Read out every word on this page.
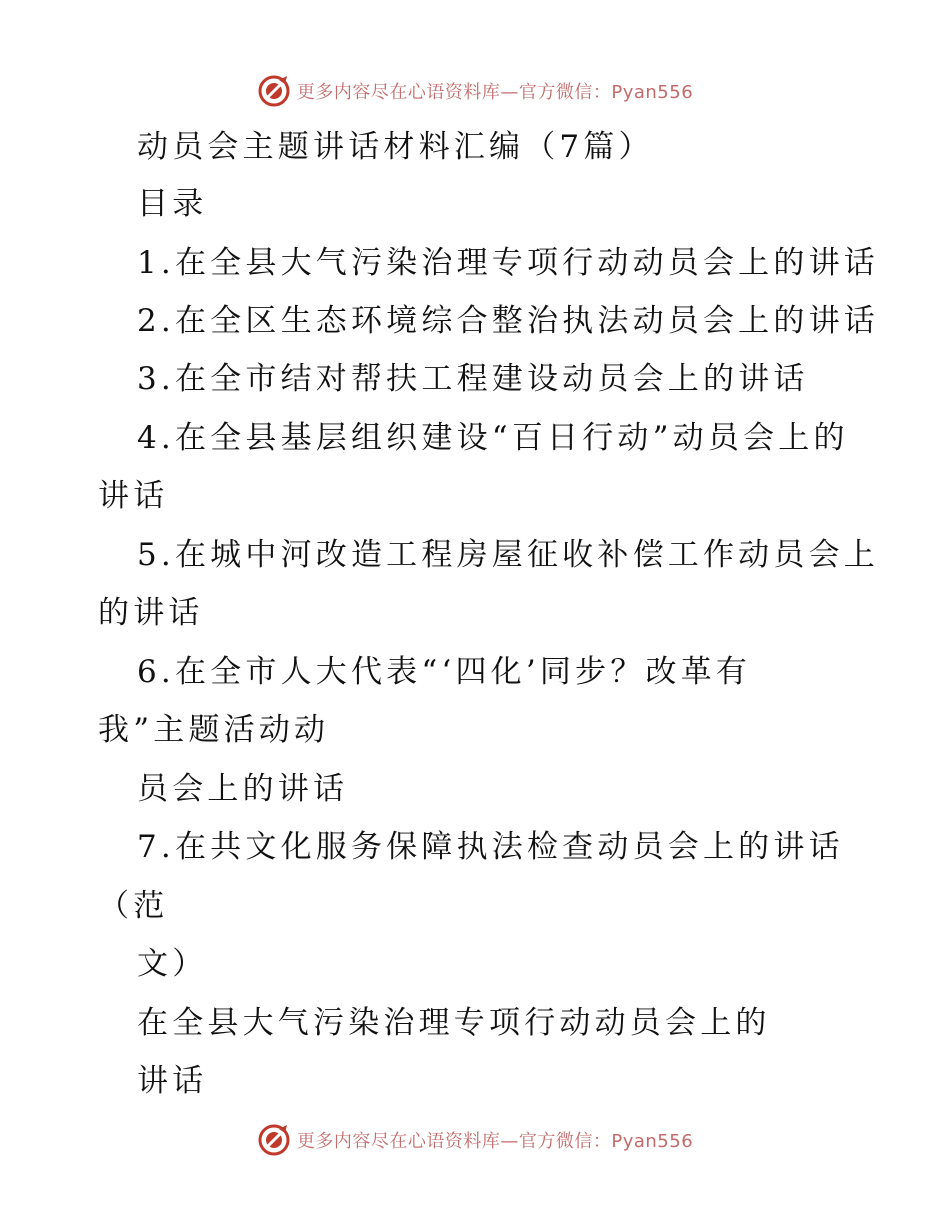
更多内容尽在心语资料库—官方微信：Pyan556
动员会主题讲话材料汇编（7篇）
目录
1.在全县大气污染治理专项行动动员会上的讲话
2.在全区生态环境综合整治执法动员会上的讲话
3.在全市结对帮扶工程建设动员会上的讲话
4.在全县基层组织建设“百日行动”动员会上的
讲话
5.在城中河改造工程房屋征收补偿工作动员会上
的讲话
6.在全市人大代表“‘四化’同步？改革有
我”主题活动动
员会上的讲话
7.在共文化服务保障执法检查动员会上的讲话
（范
文）
在全县大气污染治理专项行动动员会上的
讲话
更多内容尽在心语资料库—官方微信：Pyan556
